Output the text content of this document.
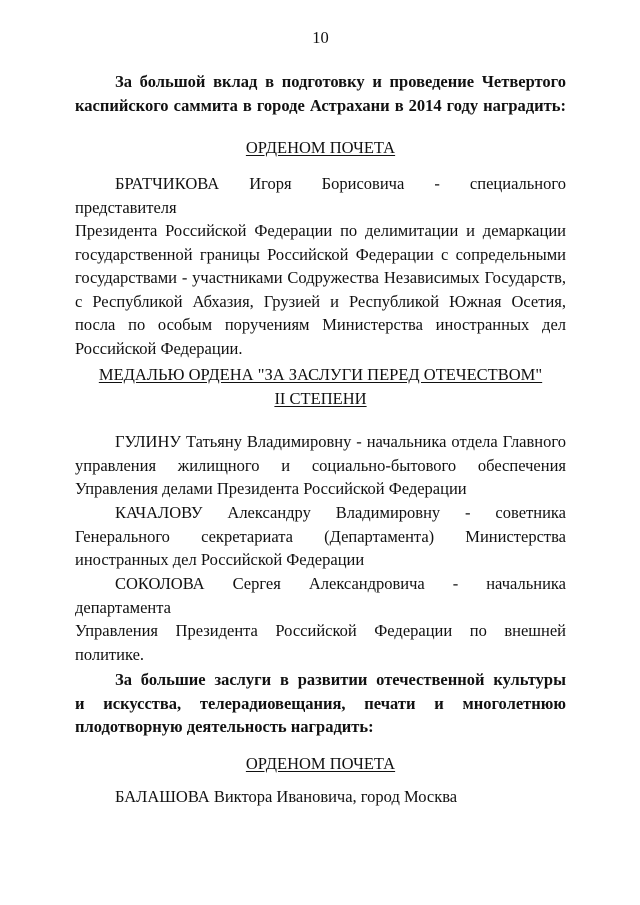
10
За большой вклад в подготовку и проведение Четвертого
каспийского саммита в городе Астрахани в 2014 году наградить:
ОРДЕНОМ ПОЧЕТА
БРАТЧИКОВА Игоря Борисовича - специального представителя
Президента Российской Федерации по делимитации и демаркации
государственной границы Российской Федерации с сопредельными
государствами - участниками Содружества Независимых Государств,
с Республикой Абхазия, Грузией и Республикой Южная Осетия,
посла по особым поручениям Министерства иностранных дел
Российской Федерации.
МЕДАЛЬЮ ОРДЕНА "ЗА ЗАСЛУГИ ПЕРЕД ОТЕЧЕСТВОМ"
II СТЕПЕНИ
ГУЛИНУ Татьяну Владимировну - начальника отдела Главного
управления жилищного и социально-бытового обеспечения
Управления делами Президента Российской Федерации
КАЧАЛОВУ Александру Владимировну - советника
Генерального секретариата (Департамента) Министерства
иностранных дел Российской Федерации
СОКОЛОВА Сергея Александровича - начальника департамента
Управления Президента Российской Федерации по внешней
политике.
За большие заслуги в развитии отечественной культуры
и искусства, телерадиовещания, печати и многолетнюю
плодотворную деятельность наградить:
ОРДЕНОМ ПОЧЕТА
БАЛАШОВА Виктора Ивановича, город Москва
